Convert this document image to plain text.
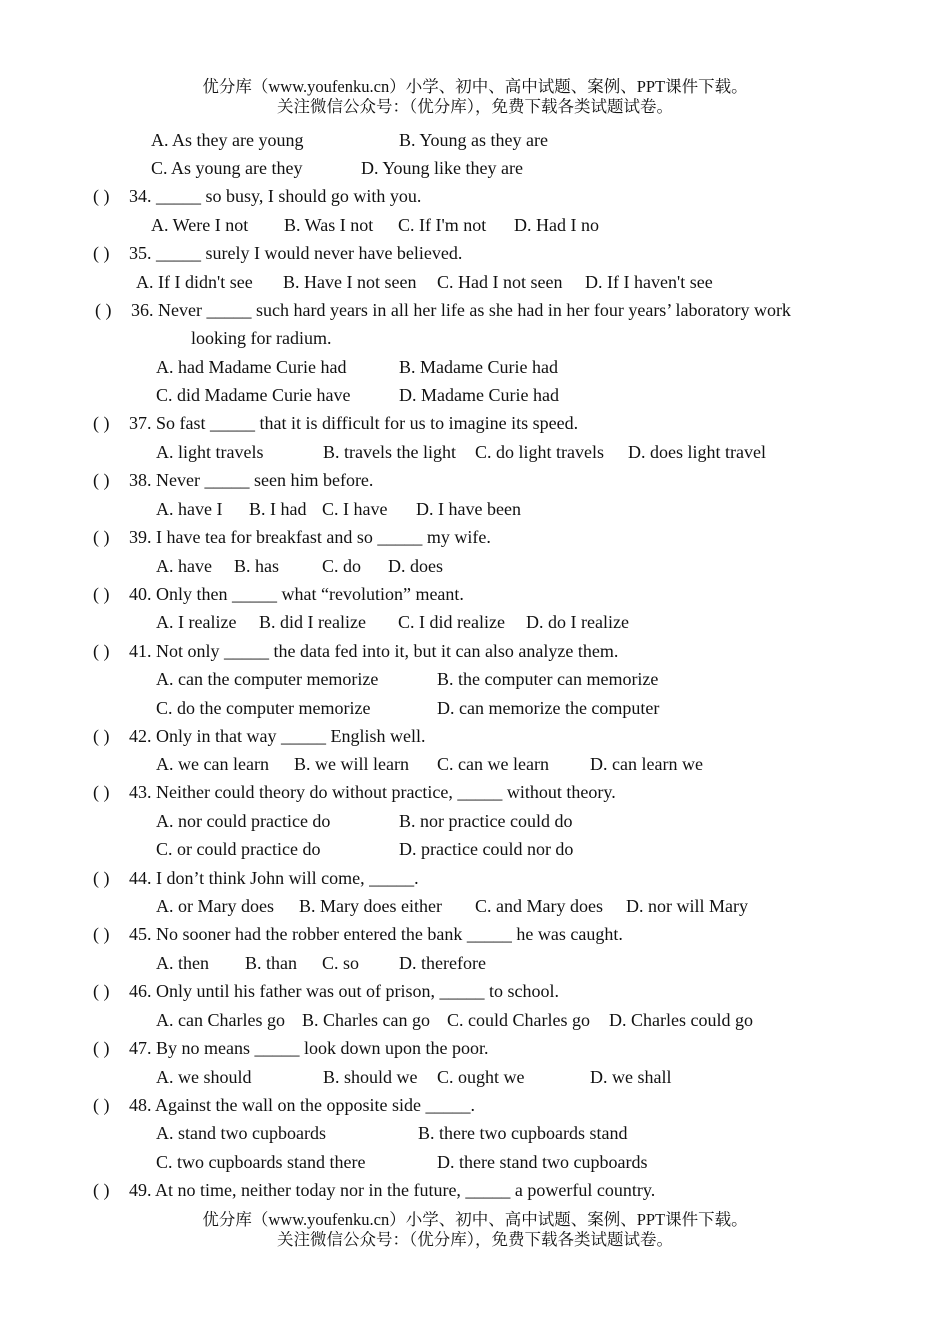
优分库（www.youfenku.cn）小学、初中、高中试题、案例、PPT课件下载。
关注微信公众号：（优分库），免费下载各类试题试卷。
A. As they are young	B. Young as they are
C. As young are they	D. Young like they are
( ) 34. _____ so busy, I should go with you.
A. Were I not B. Was I not C. If I'm not D. Had I no
( ) 35. _____ surely I would never have believed.
A. If I didn't see B. Have I not seen C. Had I not seen D. If I haven't see
( ) 36. Never _____ such hard years in all her life as she had in her four years’ laboratory work
looking for radium.
A. had Madame Curie had	B. Madame Curie had
C. did Madame Curie have	D. Madame Curie had
( ) 37. So fast _____ that it is difficult for us to imagine its speed.
A. light travels	B. travels the light C. do light travels D. does light travel
( ) 38. Never _____ seen him before.
A. have I B. I had C. I have D. I have been
( ) 39. I have tea for breakfast and so _____ my wife.
A. have B. has C. do D. does
( ) 40. Only then _____ what “revolution” meant.
A. I realize B. did I realize C. I did realize D. do I realize
( ) 41. Not only _____ the data fed into it, but it can also analyze them.
A. can the computer memorize	B. the computer can memorize
C. do the computer memorize	D. can memorize the computer
( ) 42. Only in that way _____ English well.
A. we can learn B. we will learn C. can we learn D. can learn we
( ) 43. Neither could theory do without practice, _____ without theory.
A. nor could practice do	B. nor practice could do
C. or could practice do	D. practice could nor do
( ) 44. I don’t think John will come, _____.
A. or Mary does B. Mary does either C. and Mary does D. nor will Mary
( ) 45. No sooner had the robber entered the bank _____ he was caught.
A. then B. than C. so D. therefore
( ) 46. Only until his father was out of prison, _____ to school.
A. can Charles go B. Charles can go C. could Charles go D. Charles could go
( ) 47. By no means _____ look down upon the poor.
A. we should	B. should we C. ought we	D. we shall
( ) 48. Against the wall on the opposite side _____.
A. stand two cupboards	B. there two cupboards stand
C. two cupboards stand there	D. there stand two cupboards
( ) 49. At no time, neither today nor in the future, _____ a powerful country.
优分库（www.youfenku.cn）小学、初中、高中试题、案例、PPT课件下载。
关注微信公众号：（优分库），免费下载各类试题试卷。
